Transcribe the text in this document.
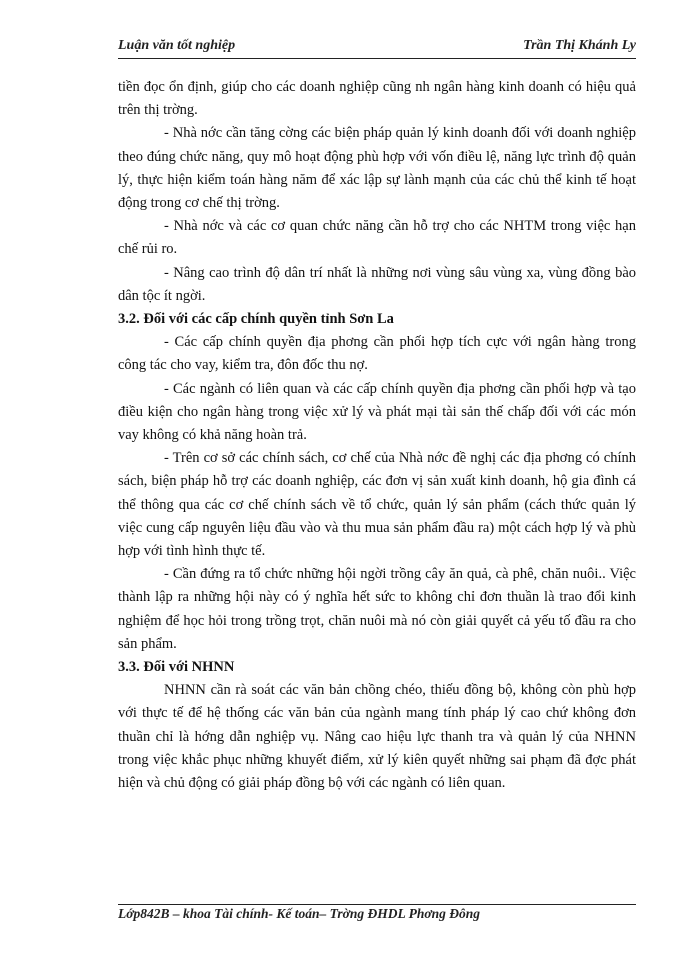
Luận văn tốt nghiệp	Trần Thị Khánh Ly

tiền đọc ổn định, giúp cho các doanh nghiệp cũng nh ngân hàng kinh doanh có hiệu quả trên thị trờng.

- Nhà nớc cần tăng cờng các biện pháp quản lý kinh doanh đối với doanh nghiệp theo đúng chức năng, quy mô hoạt động phù hợp với vốn điều lệ, năng lực trình độ quản lý, thực hiện kiểm toán hàng năm để xác lập sự lành mạnh của các chủ thể kinh tế hoạt động trong cơ chế thị trờng.

- Nhà nớc và các cơ quan chức năng cần hỗ trợ cho các NHTM trong việc hạn chế rủi ro.

- Nâng cao trình độ dân trí nhất là những nơi vùng sâu vùng xa, vùng đồng bào dân tộc ít ngời.

3.2. Đối với các cấp chính quyền tỉnh Sơn La

- Các cấp chính quyền địa phơng cần phối hợp tích cực với ngân hàng trong công tác cho vay, kiểm tra, đôn đốc thu nợ.

- Các ngành có liên quan và các cấp chính quyền địa phơng cần phối hợp và tạo điều kiện cho ngân hàng trong việc xử lý và phát mại tài sản thế chấp đối với các món vay không có khả năng hoàn trả.

- Trên cơ sở các chính sách, cơ chế của Nhà nớc đề nghị các địa phơng có chính sách, biện pháp hỗ trợ các doanh nghiệp, các đơn vị sản xuất kinh doanh, hộ gia đình cá thể thông qua các cơ chế chính sách về tổ chức, quản lý sản phẩm (cách thức quản lý việc cung cấp nguyên liệu đầu vào và thu mua sản phẩm đầu ra) một cách hợp lý và phù hợp với tình hình thực tế.

- Cần đứng ra tổ chức những hội ngời trồng cây ăn quả, cà phê, chăn nuôi.. Việc thành lập ra những hội này có ý nghĩa hết sức to không chỉ đơn thuần là trao đổi kinh nghiệm để học hỏi trong trồng trọt, chăn nuôi mà nó còn giải quyết cả yếu tố đầu ra cho sản phẩm.

3.3. Đối với NHNN

NHNN cần rà soát các văn bản chồng chéo, thiếu đồng bộ, không còn phù hợp với thực tế để hệ thống các văn bản của ngành mang tính pháp lý cao chứ không đơn thuần chỉ là hớng dẫn nghiệp vụ. Nâng cao hiệu lực thanh tra và quản lý của NHNN trong việc khắc phục những khuyết điểm, xử lý kiên quyết những sai phạm đã đợc phát hiện và chủ động có giải pháp đồng bộ với các ngành có liên quan.

Lớp842B – khoa Tài chính- Kế toán– Trờng ĐHDL Phơng Đông
